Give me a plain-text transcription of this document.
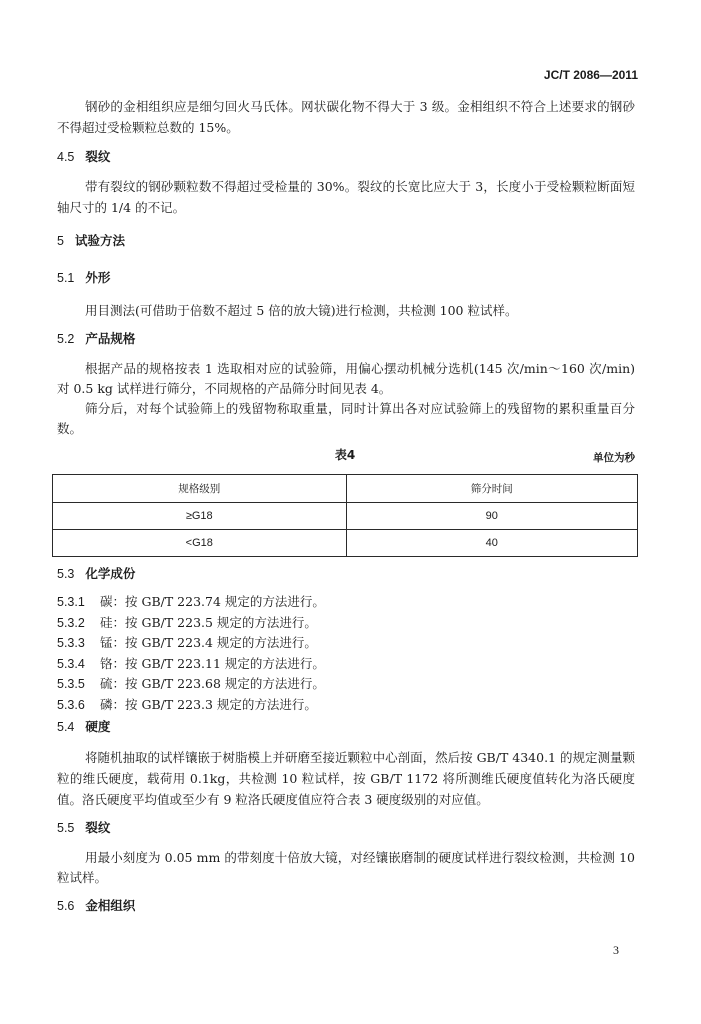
JC/T 2086—2011

钢砂的金相组织应是细匀回火马氏体。网状碳化物不得大于 3 级。金相组织不符合上述要求的钢砂不得超过受检颗粒总数的 15%。

4.5 裂纹

带有裂纹的钢砂颗粒数不得超过受检量的 30%。裂纹的长宽比应大于 3，长度小于受检颗粒断面短轴尺寸的 1/4 的不记。

5 试验方法
5.1 外形

用目测法(可借助于倍数不超过 5 倍的放大镜)进行检测，共检测 100 粒试样。

5.2 产品规格

根据产品的规格按表 1 选取相对应的试验筛，用偏心摆动机械分选机(145 次/min～160 次/min)对 0.5 kg 试样进行筛分，不同规格的产品筛分时间见表 4。

筛分后，对每个试验筛上的残留物称取重量，同时计算出各对应试验筛上的残留物的累积重量百分数。

表4	单位为秒
规格级别	筛分时间
≥G18	90
<G18	40
5.3 化学成份
5.3.1 碳：按 GB/T 223.74 规定的方法进行。
5.3.2 硅：按 GB/T 223.5 规定的方法进行。
5.3.3 锰：按 GB/T 223.4 规定的方法进行。
5.3.4 铬：按 GB/T 223.11 规定的方法进行。
5.3.5 硫：按 GB/T 223.68 规定的方法进行。
5.3.6 磷：按 GB/T 223.3 规定的方法进行。
5.4 硬度

将随机抽取的试样镶嵌于树脂模上并研磨至接近颗粒中心剖面，然后按 GB/T 4340.1 的规定测量颗粒的维氏硬度，载荷用 0.1kg，共检测 10 粒试样，按 GB/T 1172 将所测维氏硬度值转化为洛氏硬度值。洛氏硬度平均值或至少有 9 粒洛氏硬度值应符合表 3 硬度级别的对应值。

5.5 裂纹

用最小刻度为 0.05 mm 的带刻度十倍放大镜，对经镶嵌磨制的硬度试样进行裂纹检测，共检测 10 粒试样。

5.6 金相组织
3
